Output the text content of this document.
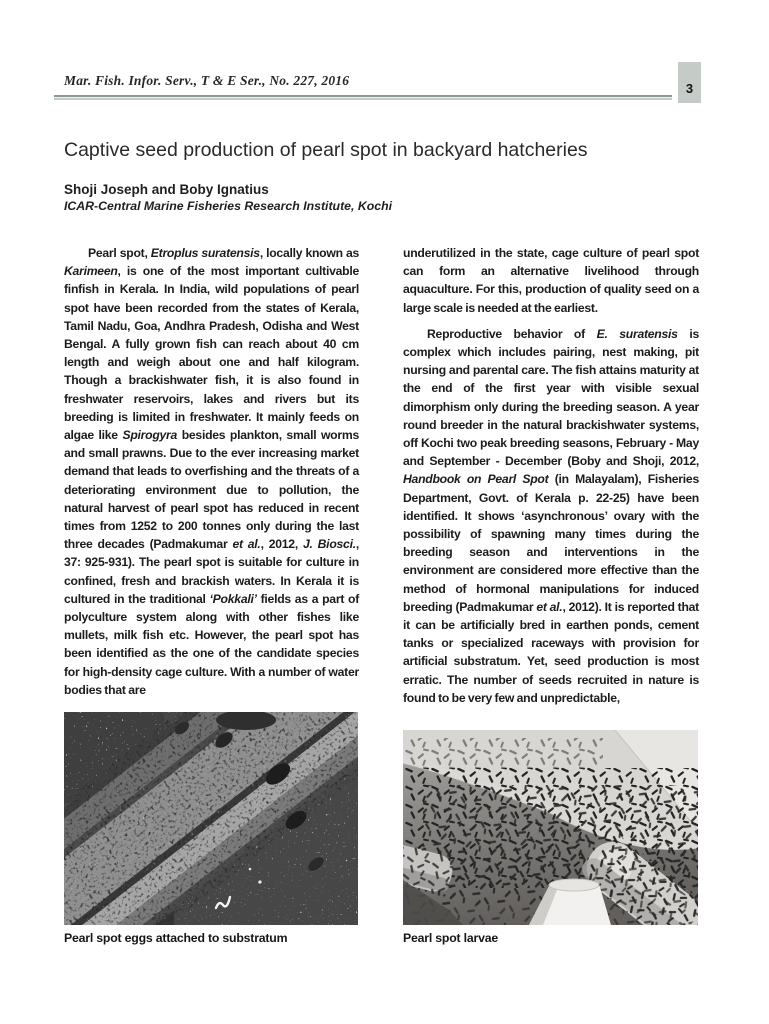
Mar. Fish. Infor. Serv., T & E Ser., No. 227, 2016
3
Captive seed production of pearl spot in backyard hatcheries
Shoji Joseph and Boby Ignatius
ICAR-Central Marine Fisheries Research Institute, Kochi

Pearl spot, Etroplus suratensis, locally known as Karimeen, is one of the most important cultivable finfish in Kerala. In India, wild populations of pearl spot have been recorded from the states of Kerala, Tamil Nadu, Goa, Andhra Pradesh, Odisha and West Bengal. A fully grown fish can reach about 40 cm length and weigh about one and half kilogram. Though a brackishwater fish, it is also found in freshwater reservoirs, lakes and rivers but its breeding is limited in freshwater. It mainly feeds on algae like Spirogyra besides plankton, small worms and small prawns. Due to the ever increasing market demand that leads to overfishing and the threats of a deteriorating environment due to pollution, the natural harvest of pearl spot has reduced in recent times from 1252 to 200 tonnes only during the last three decades (Padmakumar et al., 2012, J. Biosci., 37: 925-931). The pearl spot is suitable for culture in confined, fresh and brackish waters. In Kerala it is cultured in the traditional ‘Pokkali’ fields as a part of polyculture system along with other fishes like mullets, milk fish etc. However, the pearl spot has been identified as the one of the candidate species for high-density cage culture. With a number of water bodies that are

underutilized in the state, cage culture of pearl spot can form an alternative livelihood through aquaculture. For this, production of quality seed on a large scale is needed at the earliest.

Reproductive behavior of E. suratensis is complex which includes pairing, nest making, pit nursing and parental care. The fish attains maturity at the end of the first year with visible sexual dimorphism only during the breeding season. A year round breeder in the natural brackishwater systems, off Kochi two peak breeding seasons, February - May and September - December (Boby and Shoji, 2012, Handbook on Pearl Spot (in Malayalam), Fisheries Department, Govt. of Kerala p. 22-25) have been identified. It shows ‘asynchronous’ ovary with the possibility of spawning many times during the breeding season and interventions in the environment are considered more effective than the method of hormonal manipulations for induced breeding (Padmakumar et al., 2012). It is reported that it can be artificially bred in earthen ponds, cement tanks or specialized raceways with provision for artificial substratum. Yet, seed production is most erratic. The number of seeds recruited in nature is found to be very few and unpredictable,

Pearl spot eggs attached to substratum	Pearl spot larvae
